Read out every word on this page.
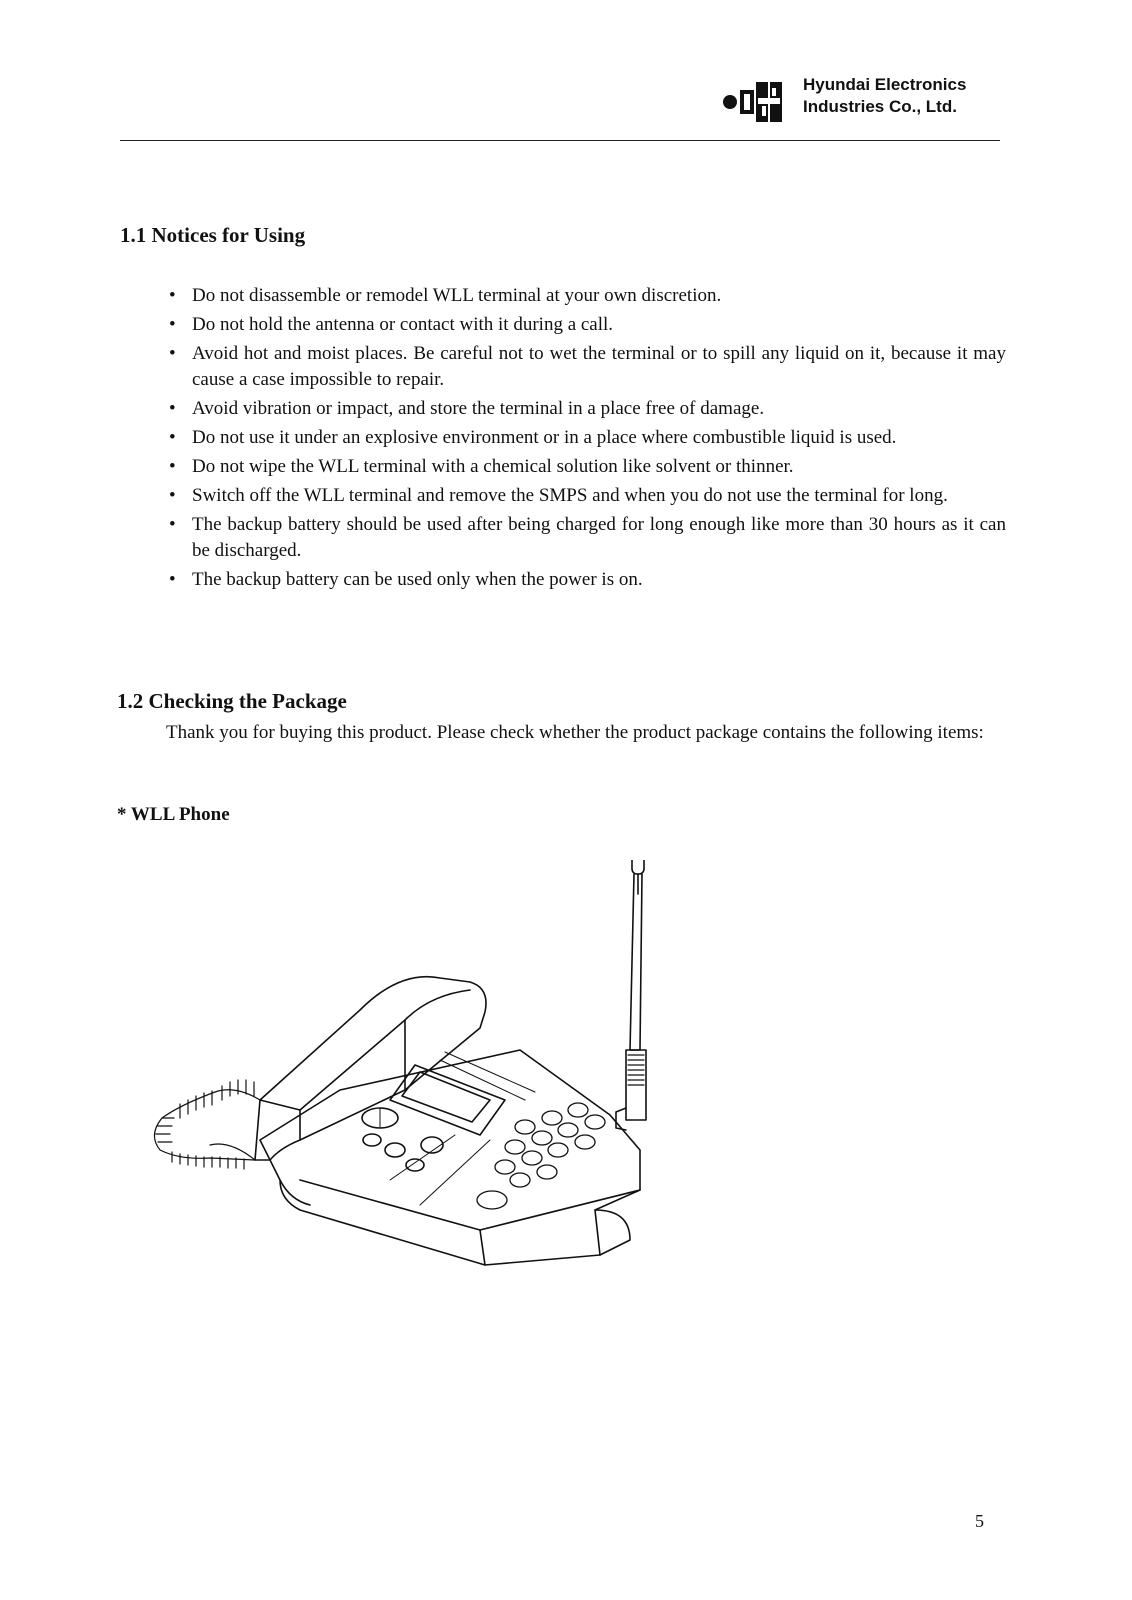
Hyundai Electronics
Industries Co., Ltd.
1.1 Notices for Using
• Do not disassemble or remodel WLL terminal at your own discretion.
• Do not hold the antenna or contact with it during a call.
• Avoid hot and moist places. Be careful not to wet the terminal or to spill any liquid on it, because it may cause a case impossible to repair.
• Avoid vibration or impact, and store the terminal in a place free of damage.
• Do not use it under an explosive environment or in a place where combustible liquid is used.
• Do not wipe the WLL terminal with a chemical solution like solvent or thinner.
• Switch off the WLL terminal and remove the SMPS and when you do not use the terminal for long.
• The backup battery should be used after being charged for long enough like more than 30 hours as it can be discharged.
• The backup battery can be used only when the power is on.
1.2 Checking the Package
Thank you for buying this product. Please check whether the product package contains the following items:
* WLL Phone
5
